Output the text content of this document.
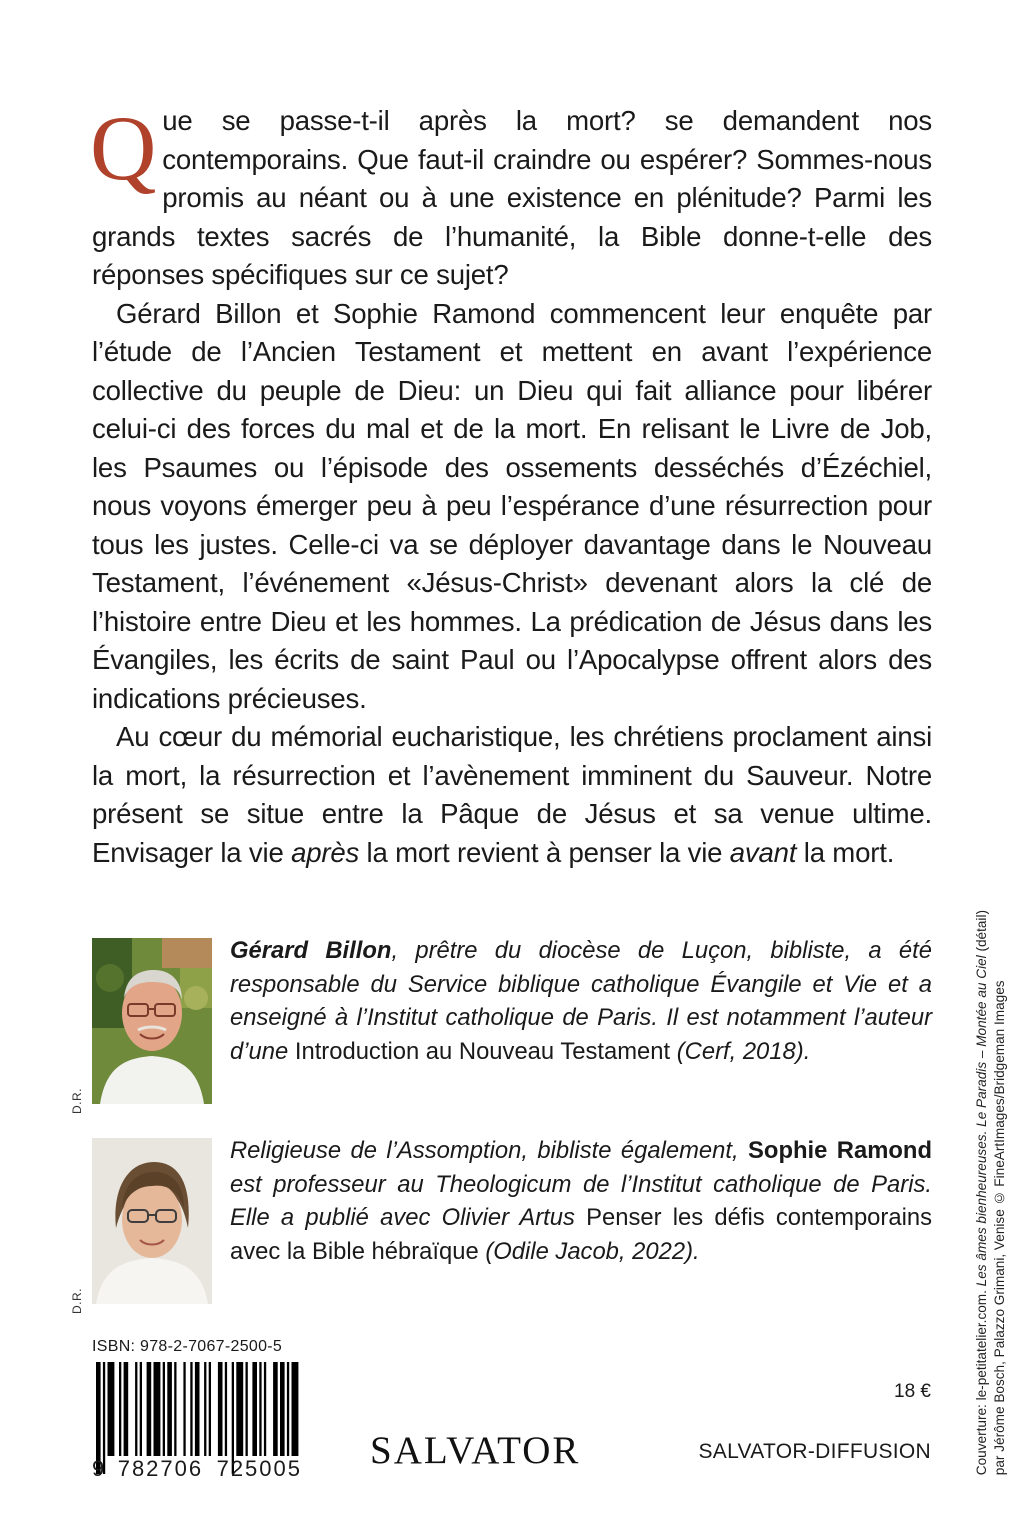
Que se passe-t-il après la mort? se demandent nos contemporains. Que faut-il craindre ou espérer? Sommes-nous promis au néant ou à une existence en plénitude? Parmi les grands textes sacrés de l’humanité, la Bible donne-t-elle des réponses spécifiques sur ce sujet?

Gérard Billon et Sophie Ramond commencent leur enquête par l’étude de l’Ancien Testament et mettent en avant l’expérience collective du peuple de Dieu: un Dieu qui fait alliance pour libérer celui-ci des forces du mal et de la mort. En relisant le Livre de Job, les Psaumes ou l’épisode des ossements desséchés d’Ézéchiel, nous voyons émerger peu à peu l’espérance d’une résurrection pour tous les justes. Celle-ci va se déployer davantage dans le Nouveau Testament, l’événement «Jésus-Christ» devenant alors la clé de l’histoire entre Dieu et les hommes. La prédication de Jésus dans les Évangiles, les écrits de saint Paul ou l’Apocalypse offrent alors des indications précieuses.

Au cœur du mémorial eucharistique, les chrétiens proclament ainsi la mort, la résurrection et l’avènement imminent du Sauveur. Notre présent se situe entre la Pâque de Jésus et sa venue ultime. Envisager la vie après la mort revient à penser la vie avant la mort.

D.R.
Gérard Billon, prêtre du diocèse de Luçon, bibliste, a été responsable du Service biblique catholique Évangile et Vie et a enseigné à l’Institut catholique de Paris. Il est notamment l’auteur d’une Introduction au Nouveau Testament (Cerf, 2018).
D.R.
Religieuse de l’Assomption, bibliste également, Sophie Ramond est professeur au Theologicum de l’Institut catholique de Paris. Elle a publié avec Olivier Artus Penser les défis contemporains avec la Bible hébraïque (Odile Jacob, 2022).
ISBN: 978-2-7067-2500-5
9 782706 725005
18 €
SALVATOR	SALVATOR-DIFFUSION	Couverture: le-petitatelier.com. Les âmes bienheureuses. Le Paradis – Montée au Ciel (détail)
par Jérôme Bosch, Palazzo Grimani, Venise © FineArtImages/Bridgeman Images
